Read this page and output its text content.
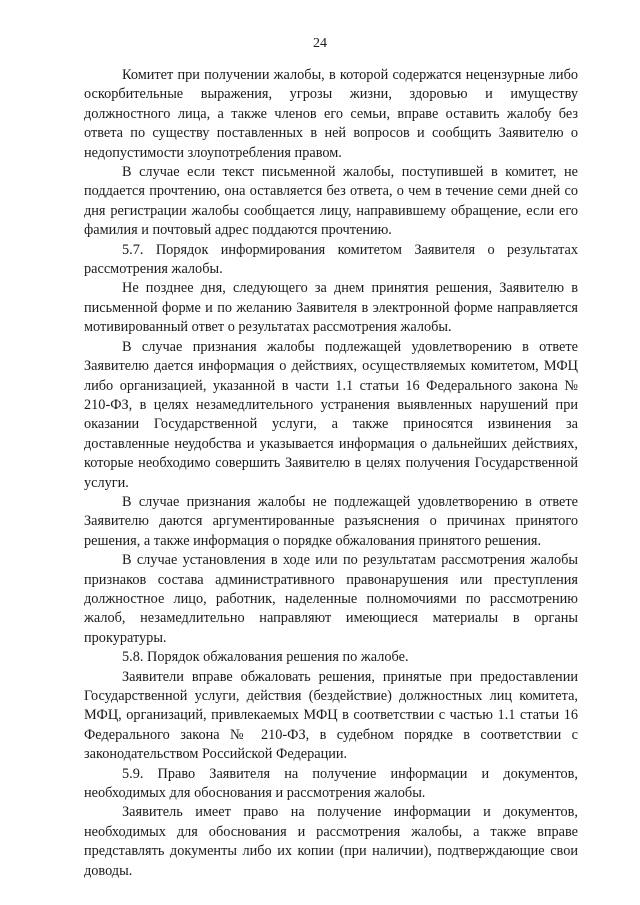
24

Комитет при получении жалобы, в которой содержатся нецензурные либо оскорбительные выражения, угрозы жизни, здоровью и имуществу должностного лица, а также членов его семьи, вправе оставить жалобу без ответа по существу поставленных в ней вопросов и сообщить Заявителю о недопустимости злоупотребления правом.

В случае если текст письменной жалобы, поступившей в комитет, не поддается прочтению, она оставляется без ответа, о чем в течение семи дней со дня регистрации жалобы сообщается лицу, направившему обращение, если его фамилия и почтовый адрес поддаются прочтению.

5.7. Порядок информирования комитетом Заявителя о результатах рассмотрения жалобы.

Не позднее дня, следующего за днем принятия решения, Заявителю в письменной форме и по желанию Заявителя в электронной форме направляется мотивированный ответ о результатах рассмотрения жалобы.

В случае признания жалобы подлежащей удовлетворению в ответе Заявителю дается информация о действиях, осуществляемых комитетом, МФЦ либо организацией, указанной в части 1.1 статьи 16 Федерального закона № 210-ФЗ, в целях незамедлительного устранения выявленных нарушений при оказании Государственной услуги, а также приносятся извинения за доставленные неудобства и указывается информация о дальнейших действиях, которые необходимо совершить Заявителю в целях получения Государственной услуги.

В случае признания жалобы не подлежащей удовлетворению в ответе Заявителю даются аргументированные разъяснения о причинах принятого решения, а также информация о порядке обжалования принятого решения.

В случае установления в ходе или по результатам рассмотрения жалобы признаков состава административного правонарушения или преступления должностное лицо, работник, наделенные полномочиями по рассмотрению жалоб, незамедлительно направляют имеющиеся материалы в органы прокуратуры.

5.8. Порядок обжалования решения по жалобе.

Заявители вправе обжаловать решения, принятые при предоставлении Государственной услуги, действия (бездействие) должностных лиц комитета, МФЦ, организаций, привлекаемых МФЦ в соответствии с частью 1.1 статьи 16 Федерального закона № 210-ФЗ, в судебном порядке в соответствии с законодательством Российской Федерации.

5.9. Право Заявителя на получение информации и документов, необходимых для обоснования и рассмотрения жалобы.

Заявитель имеет право на получение информации и документов, необходимых для обоснования и рассмотрения жалобы, а также вправе представлять документы либо их копии (при наличии), подтверждающие свои доводы.
